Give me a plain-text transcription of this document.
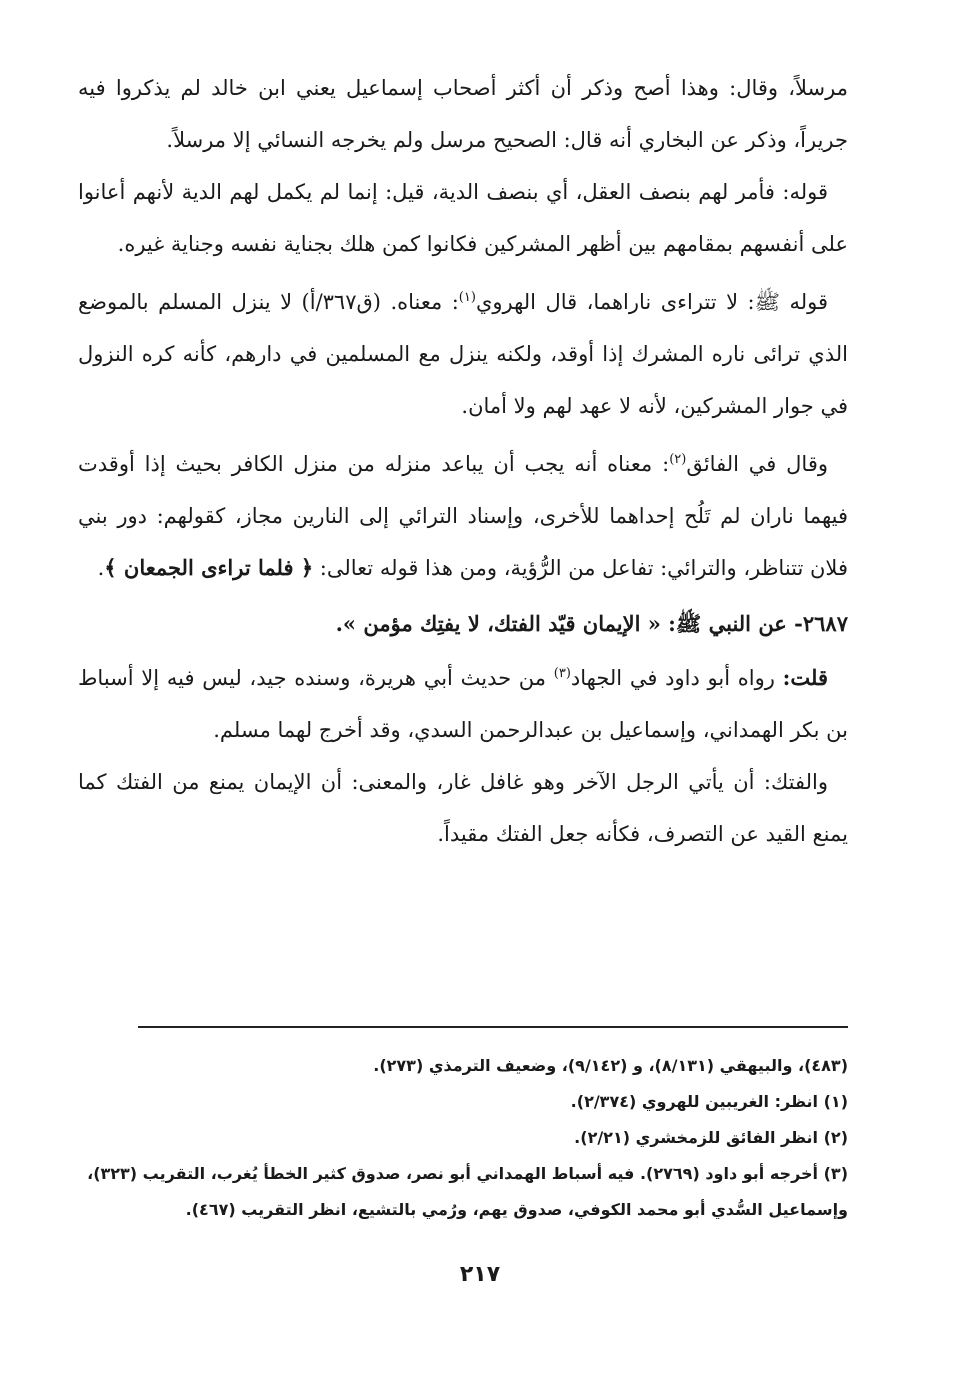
مرسلاً، وقال: وهذا أصح وذكر أن أكثر أصحاب إسماعيل يعني ابن خالد لم يذكروا فيه جريراً، وذكر عن البخاري أنه قال: الصحيح مرسل ولم يخرجه النسائي إلا مرسلاً.

قوله: فأمر لهم بنصف العقل، أي بنصف الدية، قيل: إنما لم يكمل لهم الدية لأنهم أعانوا على أنفسهم بمقامهم بين أظهر المشركين فكانوا كمن هلك بجناية نفسه وجناية غيره.

قوله ﷺ: لا تتراءى ناراهما، قال الهروي$^{(١)}$: معناه. (ق٣٦٧/أ) لا ينزل المسلم بالموضع الذي ترائى ناره المشرك إذا أوقد، ولكنه ينزل مع المسلمين في دارهم، كأنه كره النزول في جوار المشركين، لأنه لا عهد لهم ولا أمان.

وقال في الفائق$^{(٢)}$: معناه أنه يجب أن يباعد منزله من منزل الكافر بحيث إذا أوقدت فيهما ناران لم تَلُح إحداهما للأخرى، وإسناد الترائي إلى النارين مجاز، كقولهم: دور بني فلان تتناظر، والترائي: تفاعل من الرُّؤية، ومن هذا قوله تعالى: ﴿ فلما تراءى الجمعان ﴾.

٢٦٨٧- عن النبي ﷺ: « الإيمان قيّد الفتك، لا يفتِك مؤمن ».

قلت: رواه أبو داود في الجهاد$^{(٣)}$ من حديث أبي هريرة، وسنده جيد، ليس فيه إلا أسباط بن بكر الهمداني، وإسماعيل بن عبدالرحمن السدي، وقد أخرج لهما مسلم.

والفتك: أن يأتي الرجل الآخر وهو غافل غار، والمعنى: أن الإيمان يمنع من الفتك كما يمنع القيد عن التصرف، فكأنه جعل الفتك مقيداً.

(٤٨٣)، والبيهقي (٨/١٣١)، و (٩/١٤٢)، وضعيف الترمذي (٢٧٣).

(١) انظر: الغريبين للهروي (٢/٣٧٤).

(٢) انظر الفائق للزمخشري (٢/٢١).

(٣) أخرجه أبو داود (٢٧٦٩). فيه أسباط الهمداني أبو نصر، صدوق كثير الخطأ يُغرب، التقريب (٣٢٣)،

وإسماعيل السُّدي أبو محمد الكوفي، صدوق يهم، ورُمي بالتشيع، انظر التقريب (٤٦٧).

٢١٧
